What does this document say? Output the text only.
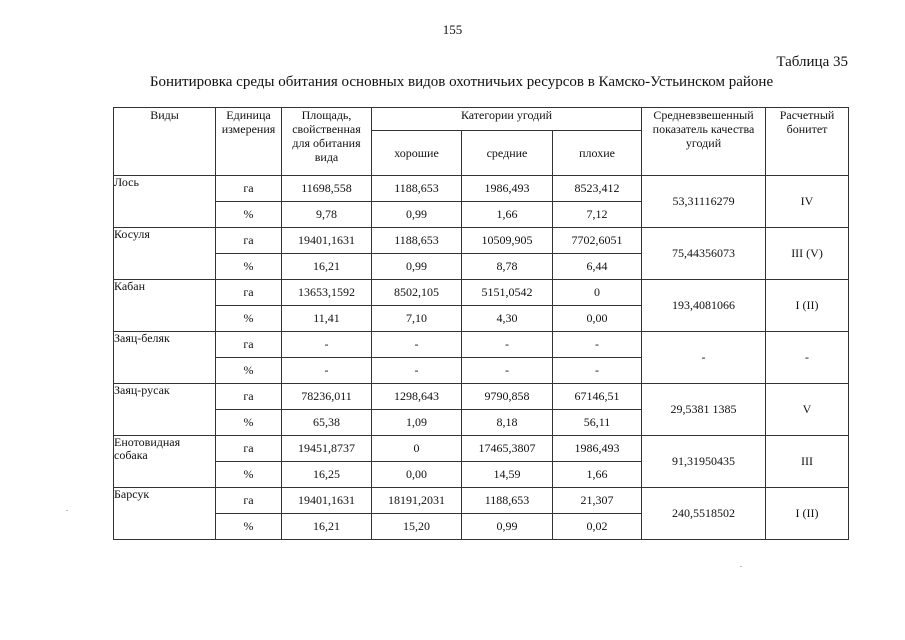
155
Таблица 35
Бонитировка среды обитания основных видов охотничьих ресурсов в Камско-Устьинском районе
Виды	Единица измерения	Площадь, свойственная для обитания вида	Категории угодий			Средневзвешенный показатель качества угодий	Расчетный бонитет
			хорошие	средние	плохие		
Лось	га	11698,558	1188,653	1986,493	8523,412	53,31116279	IV
	%	9,78	0,99	1,66	7,12		
Косуля	га	19401,1631	1188,653	10509,905	7702,6051	75,44356073	III (V)
	%	16,21	0,99	8,78	6,44		
Кабан	га	13653,1592	8502,105	5151,0542	0	193,4081066	I (II)
	%	11,41	7,10	4,30	0,00		
Заяц-беляк	га	-	-	-	-	-	-
	%	-	-	-	-		
Заяц-русак	га	78236,011	1298,643	9790,858	67146,51	29,5381 1385	V
	%	65,38	1,09	8,18	56,11		
Енотовидная собака	га	19451,8737	0	17465,3807	1986,493	91,31950435	III
	%	16,25	0,00	14,59	1,66		
Барсук	га	19401,1631	18191,2031	1188,653	21,307	240,5518502	I (II)
	%	16,21	15,20	0,99	0,02		
